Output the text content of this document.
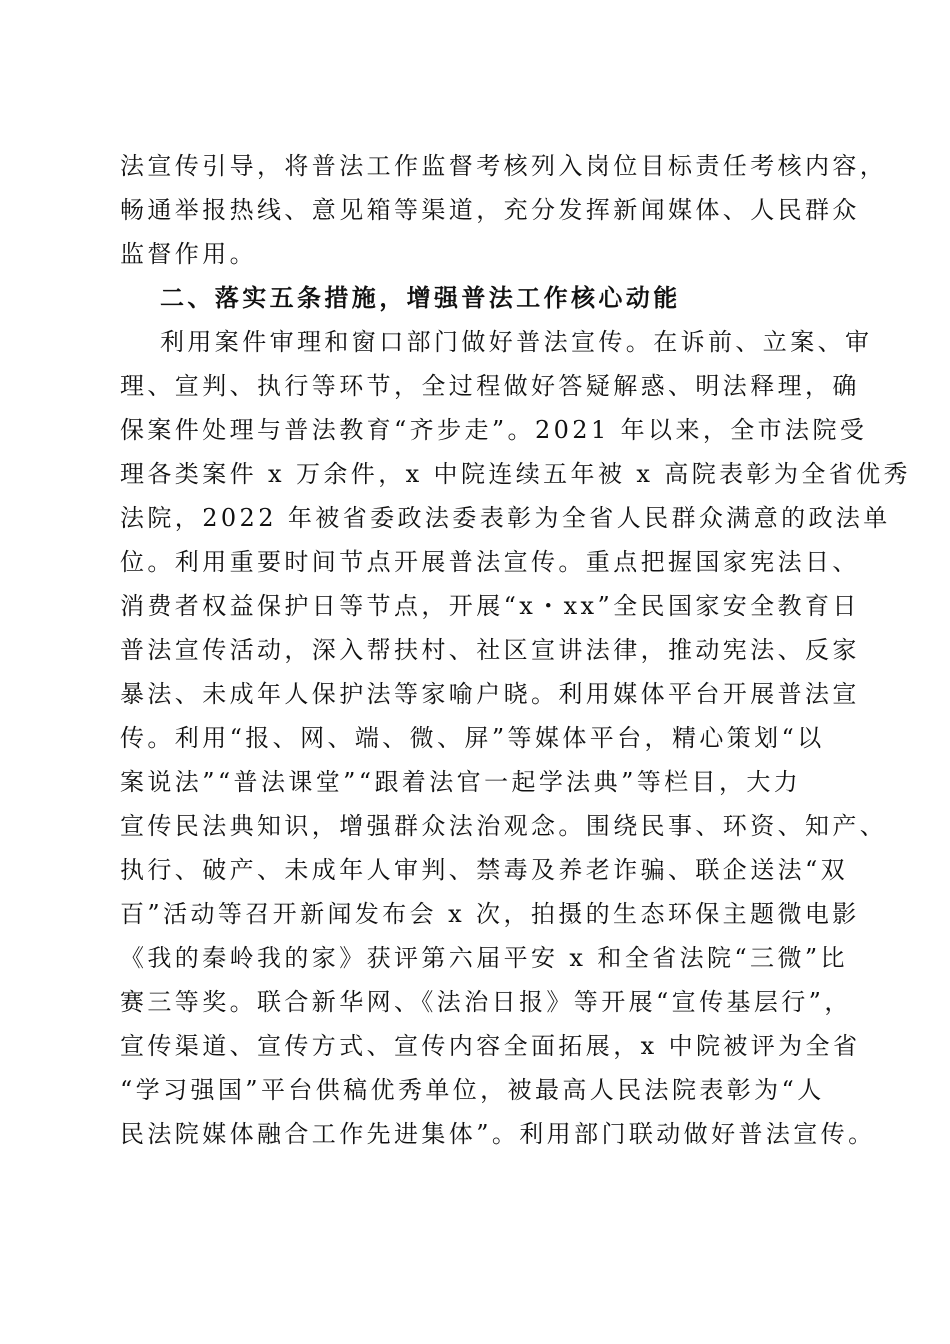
法宣传引导，将普法工作监督考核列入岗位目标责任考核内容，
畅通举报热线、意见箱等渠道，充分发挥新闻媒体、人民群众
监督作用。
二、落实五条措施，增强普法工作核心动能
利用案件审理和窗口部门做好普法宣传。在诉前、立案、审
理、宣判、执行等环节，全过程做好答疑解惑、明法释理，确
保案件处理与普法教育“齐步走”。2021 年以来，全市法院受
理各类案件 x 万余件，x 中院连续五年被 x 高院表彰为全省优秀
法院，2022 年被省委政法委表彰为全省人民群众满意的政法单
位。利用重要时间节点开展普法宣传。重点把握国家宪法日、
消费者权益保护日等节点，开展“x・xx”全民国家安全教育日
普法宣传活动，深入帮扶村、社区宣讲法律，推动宪法、反家
暴法、未成年人保护法等家喻户晓。利用媒体平台开展普法宣
传。利用“报、网、端、微、屏”等媒体平台，精心策划“以
案说法”“普法课堂”“跟着法官一起学法典”等栏目，大力
宣传民法典知识，增强群众法治观念。围绕民事、环资、知产、
执行、破产、未成年人审判、禁毒及养老诈骗、联企送法“双
百”活动等召开新闻发布会 x 次，拍摄的生态环保主题微电影
《我的秦岭我的家》获评第六届平安 x 和全省法院“三微”比
赛三等奖。联合新华网、《法治日报》等开展“宣传基层行”，
宣传渠道、宣传方式、宣传内容全面拓展，x 中院被评为全省
“学习强国”平台供稿优秀单位，被最高人民法院表彰为“人
民法院媒体融合工作先进集体”。利用部门联动做好普法宣传。
